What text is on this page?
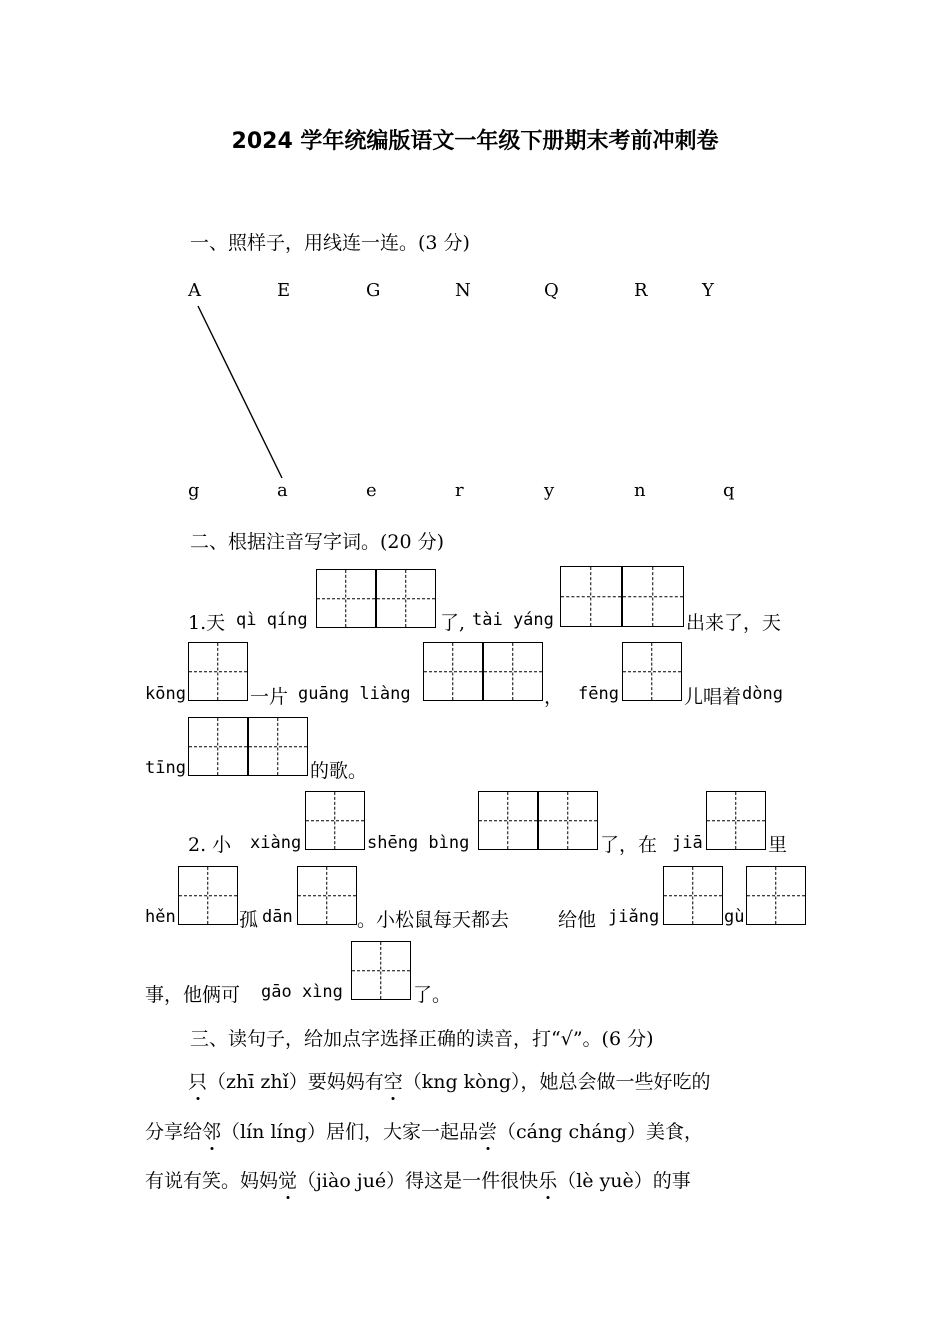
2024 学年统编版语文一年级下册期末考前冲刺卷
一、照样子，用线连一连。(3 分)
A	E	G	N	Q	R	Y
g	a	e	r	y	n	q
二、根据注音写字词。(20 分)
1.天 qì qíng	了, tài yáng	出来了，天
kōng	一片 guāng liàng	， fēng	儿唱着 dòng
tīng	的歌。
2. 小 xiàng	shēng bìng	了，在 jiā	里
hěn	孤 dān	。小松鼠每天都去	给他 jiǎng	gù
事，他俩可 gāo xìng	了。
三、读句子，给加点字选择正确的读音，打“√”。(6 分)
只（zhī zhǐ）要妈妈有空（kng kòng），她总会做一些好吃的
分享给邻（lín líng）居们，大家一起品尝（cáng cháng）美食，
有说有笑。妈妈觉（jiào jué）得这是一件很快乐（lè yuè）的事
